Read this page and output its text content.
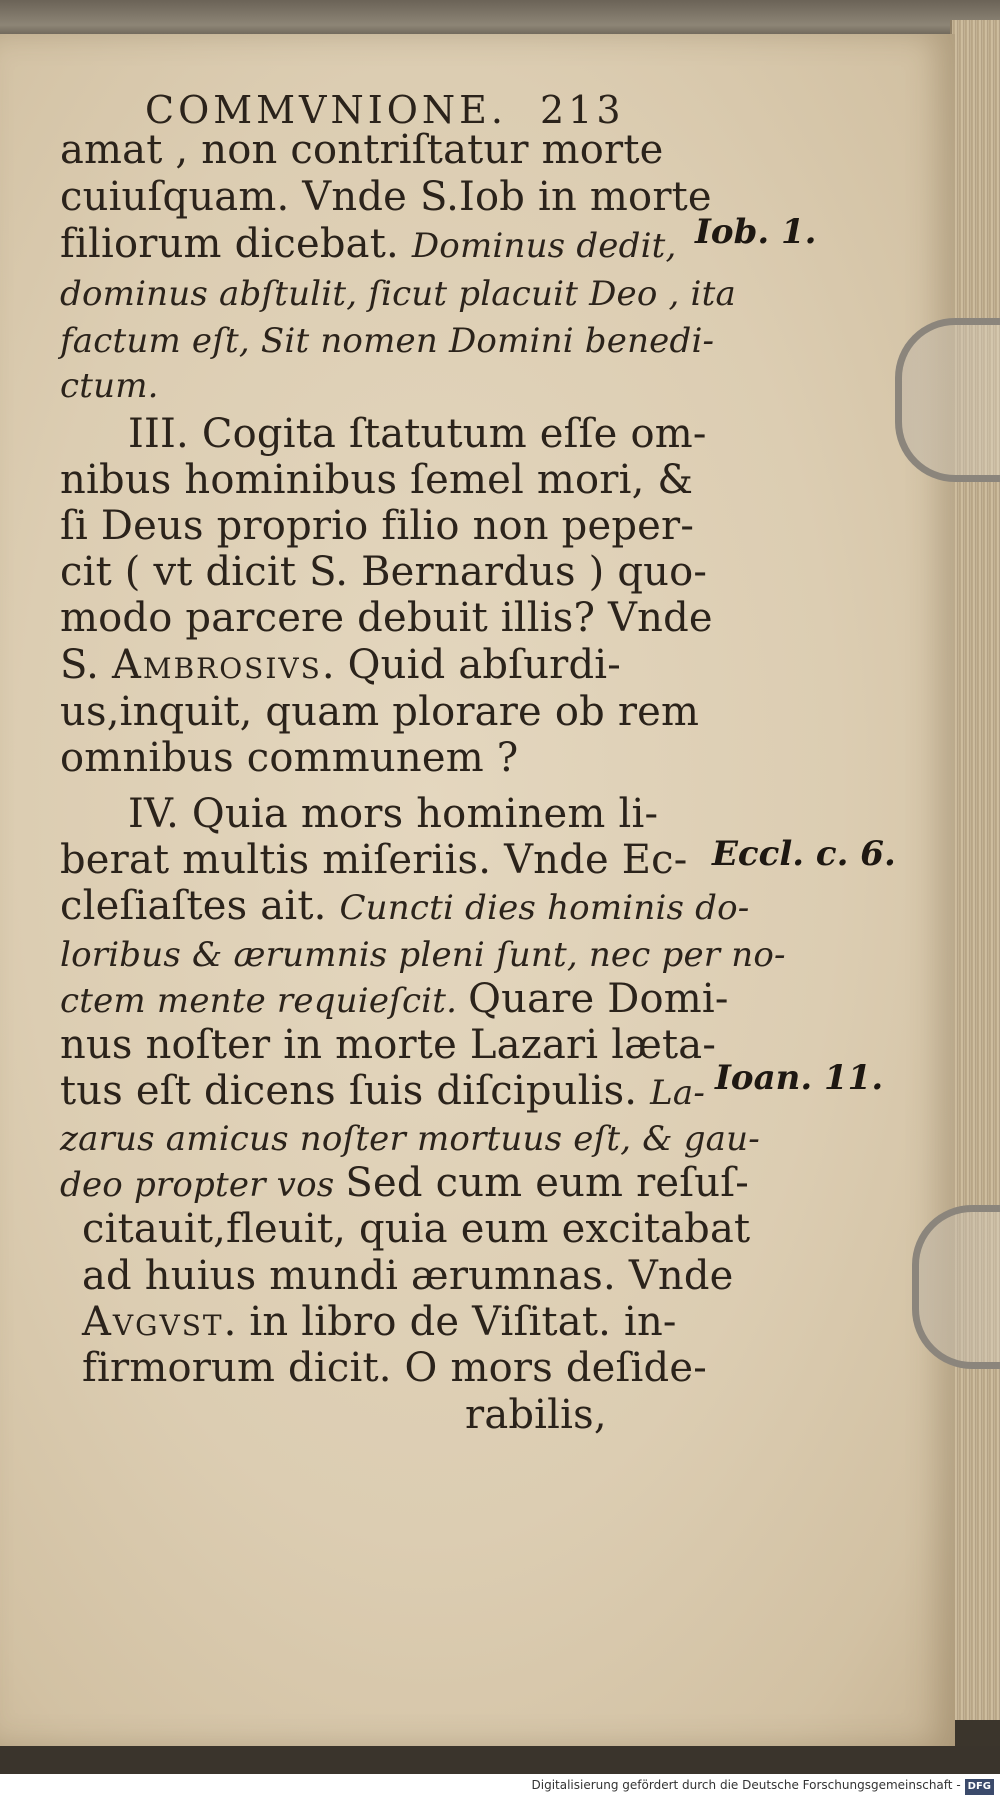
COMMVNIONE. 213
amat , non contriſtatur morte
cuiuſquam. Vnde S.Iob in morte
filiorum dicebat. Dominus dedit,
dominus abſtulit, ſicut placuit Deo , ita
factum eſt, Sit nomen Domini benedi-
ctum.
III. Cogita ſtatutum eſſe om-
nibus hominibus ſemel mori, &
ſi Deus proprio filio non peper-
cit ( vt dicit S. Bernardus ) quo-
modo parcere debuit illis? Vnde
S. Ambrosivs. Quid abſurdi-
us,inquit, quam plorare ob rem
omnibus communem ?
IV. Quia mors hominem li-
berat multis miſeriis. Vnde Ec-
cleſiaſtes ait. Cuncti dies hominis do-
loribus & ærumnis pleni ſunt, nec per no-
ctem mente requieſcit. Quare Domi-
nus noſter in morte Lazari læta-
tus eſt dicens ſuis diſcipulis. La-
zarus amicus noſter mortuus eſt, & gau-
deo propter vos Sed cum eum reſuſ-
citauit,fleuit, quia eum excitabat
ad huius mundi ærumnas. Vnde
Avgvst. in libro de Viſitat. in-
firmorum dicit. O mors deſide-
rabilis,
Iob. 1.
Eccl. c. 6.
Ioan. 11.
Digitalisierung gefördert durch die Deutsche Forschungsgemeinschaft - DFG
